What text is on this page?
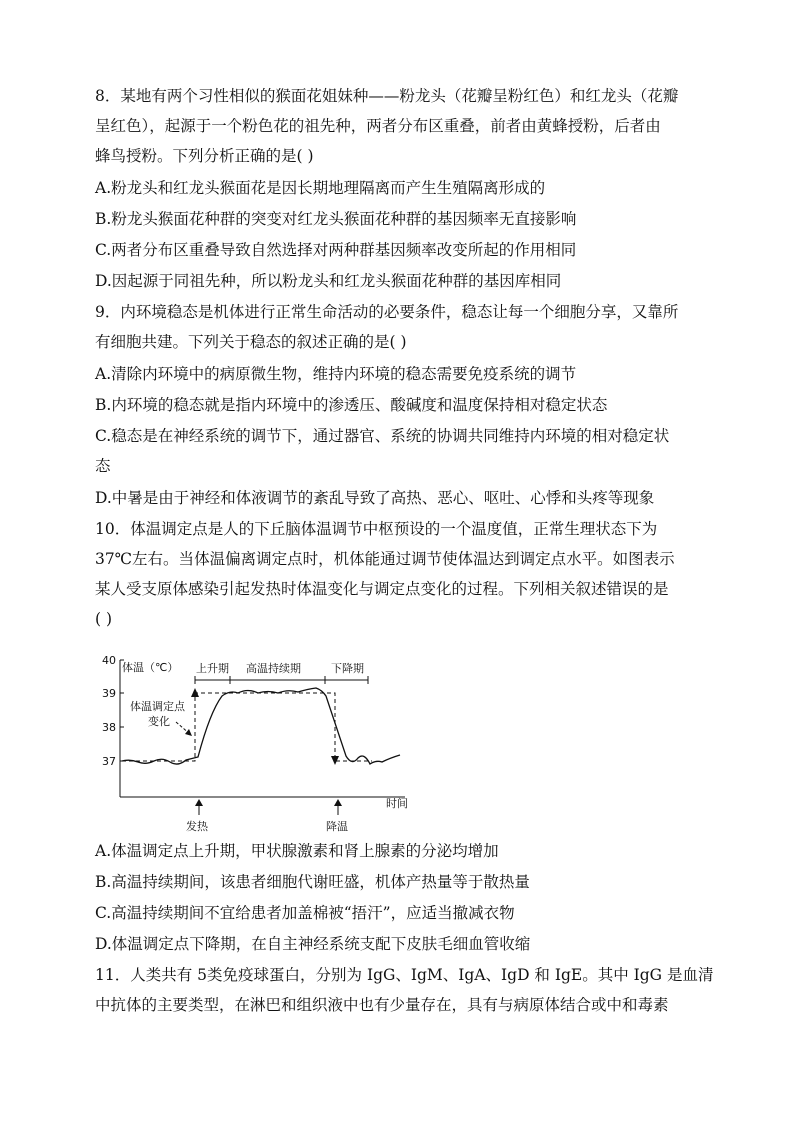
8．某地有两个习性相似的猴面花姐妹种——粉龙头（花瓣呈粉红色）和红龙头（花瓣
呈红色），起源于一个粉色花的祖先种，两者分布区重叠，前者由黄蜂授粉，后者由
蜂鸟授粉。下列分析正确的是( )
A.粉龙头和红龙头猴面花是因长期地理隔离而产生生殖隔离形成的
B.粉龙头猴面花种群的突变对红龙头猴面花种群的基因频率无直接影响
C.两者分布区重叠导致自然选择对两种群基因频率改变所起的作用相同
D.因起源于同祖先种，所以粉龙头和红龙头猴面花种群的基因库相同
9．内环境稳态是机体进行正常生命活动的必要条件，稳态让每一个细胞分享，又靠所
有细胞共建。下列关于稳态的叙述正确的是( )
A.清除内环境中的病原微生物，维持内环境的稳态需要免疫系统的调节
B.内环境的稳态就是指内环境中的渗透压、酸碱度和温度保持相对稳定状态
C.稳态是在神经系统的调节下，通过器官、系统的协调共同维持内环境的相对稳定状
态
D.中暑是由于神经和体液调节的紊乱导致了高热、恶心、呕吐、心悸和头疼等现象
10．体温调定点是人的下丘脑体温调节中枢预设的一个温度值，正常生理状态下为
37℃左右。当体温偏离调定点时，机体能通过调节使体温达到调定点水平。如图表示
某人受支原体感染引起发热时体温变化与调定点变化的过程。下列相关叙述错误的是
( )
40
39
38
37
体温（℃） 上升期 高温持续期	下降期
体温调定点
变化
时间
发热	降温
A.体温调定点上升期，甲状腺激素和肾上腺素的分泌均增加
B.高温持续期间，该患者细胞代谢旺盛，机体产热量等于散热量
C.高温持续期间不宜给患者加盖棉被“捂汗”，应适当撤减衣物
D.体温调定点下降期，在自主神经系统支配下皮肤毛细血管收缩
11．人类共有 5类免疫球蛋白，分别为 IgG、IgM、IgA、IgD 和 IgE。其中 IgG 是血清
中抗体的主要类型，在淋巴和组织液中也有少量存在，具有与病原体结合或中和毒素
